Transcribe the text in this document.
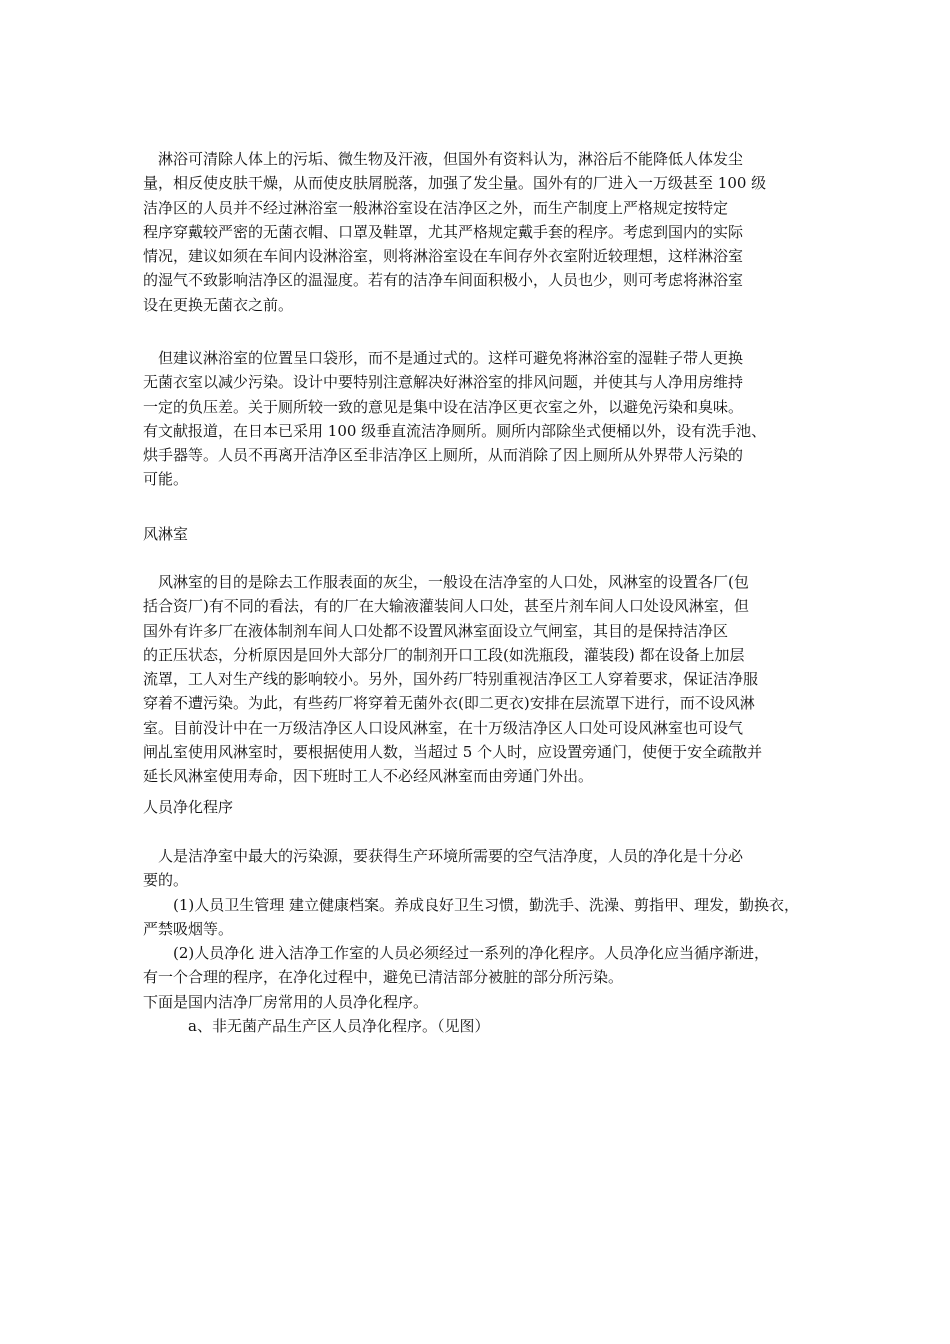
　淋浴可清除人体上的污垢、微生物及汗液，但国外有资料认为，淋浴后不能降低人体发尘
量，相反使皮肤干燥，从而使皮肤屑脱落，加强了发尘量。国外有的厂进入一万级甚至 100 级
洁净区的人员并不经过淋浴室一般淋浴室设在洁净区之外，而生产制度上严格规定按特定
程序穿戴较严密的无菌衣帽、口罩及鞋罩，尤其严格规定戴手套的程序。考虑到国内的实际
情况，建议如须在车间内设淋浴室，则将淋浴室设在车间存外衣室附近较理想，这样淋浴室
的湿气不致影响洁净区的温湿度。若有的洁净车间面积极小，人员也少，则可考虑将淋浴室
设在更换无菌衣之前。
　但建议淋浴室的位置呈口袋形，而不是通过式的。这样可避免将淋浴室的湿鞋子带人更换
无菌衣室以减少污染。设计中要特别注意解决好淋浴室的排风问题，并使其与人净用房维持
一定的负压差。关于厕所较一致的意见是集中设在洁净区更衣室之外，以避免污染和臭味。
有文献报道，在日本已采用 100 级垂直流洁净厕所。厕所内部除坐式便桶以外，设有洗手池、
烘手器等。人员不再离开洁净区至非洁净区上厕所，从而消除了因上厕所从外界带人污染的
可能。
风淋室
　风淋室的目的是除去工作服表面的灰尘，一般设在洁净室的人口处，风淋室的设置各厂(包
括合资厂)有不同的看法，有的厂在大输液灌装间人口处，甚至片剂车间人口处设风淋室，但
国外有许多厂在液体制剂车间人口处都不设置风淋室面设立气闸室，其目的是保持洁净区
的正压状态，分析原因是回外大部分厂的制剂开口工段(如洗瓶段，灌装段) 都在设备上加层
流罩，工人对生产线的影响较小。另外，国外药厂特别重视洁净区工人穿着要求，保证洁净服
穿着不遭污染。为此，有些药厂将穿着无菌外衣(即二更衣)安排在层流罩下进行，而不设风淋
室。目前没计中在一万级洁净区人口设风淋室，在十万级洁净区人口处可设风淋室也可设气
闸乩室使用风淋室时，要根据使用人数，当超过 5 个人时，应设置旁通门，使便于安全疏散并
延长风淋室使用寿命，因下班时工人不必经风淋室而由旁通门外出。
人员净化程序
　人是洁净室中最大的污染源，要获得生产环境所需要的空气洁净度，人员的净化是十分必
要的。
　　(1)人员卫生管理 建立健康档案。养成良好卫生习惯，勤洗手、洗澡、剪指甲、理发，勤换衣，
严禁吸烟等。
　　(2)人员净化 进入洁净工作室的人员必须经过一系列的净化程序。人员净化应当循序渐进，
有一个合理的程序，在净化过程中，避免已清洁部分被脏的部分所污染。
下面是国内洁净厂房常用的人员净化程序。
　　　a、非无菌产品生产区人员净化程序。（见图）
